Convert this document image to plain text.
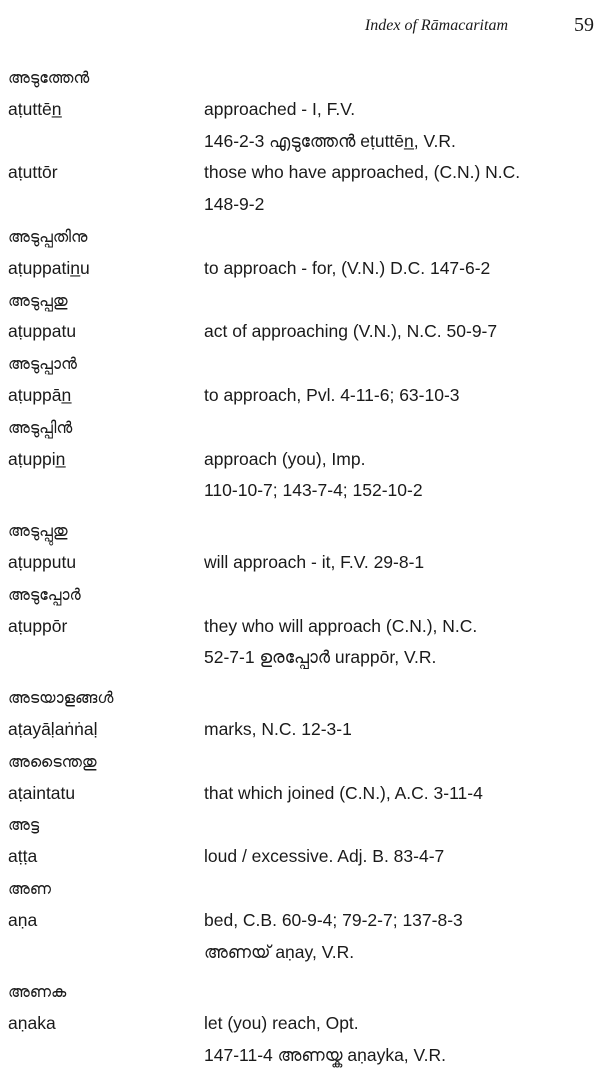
Index of Rāmacaritam	59
അടുത്തേൻ
aṭuttēn̲	approached - I, F.V.
146-2-3 എടുത്തേൻ eṭuttēn̲, V.R.
aṭuttōr	those who have approached, (C.N.) N.C.
148-9-2
അടുപ്പതിനു
aṭuppatin̲u	to approach - for, (V.N.) D.C. 147-6-2
അടുപ്പതു
aṭuppatu	act of approaching (V.N.), N.C. 50-9-7
അടുപ്പാൻ
aṭuppān̲	to approach, Pvl. 4-11-6; 63-10-3
അടുപ്പിൻ
aṭuppin̲	approach (you), Imp.
110-10-7; 143-7-4; 152-10-2
അടുപ്പുതു
aṭupputu	will approach - it, F.V. 29-8-1
അടുപ്പോർ
aṭuppōr	they who will approach (C.N.), N.C.
52-7-1 ഉരപ്പോർ urappōr, V.R.
അടയാളങ്ങൾ
aṭayāḷaṅṅaḷ	marks, N.C. 12-3-1
അടൈന്തതു
aṭaintatu	that which joined (C.N.), A.C. 3-11-4
അട്ട
aṭṭa	loud / excessive. Adj. B. 83-4-7
അണ
aṇa	bed, C.B. 60-9-4; 79-2-7; 137-8-3
അണയ് aṇay, V.R.
അണക
aṇaka	let (you) reach, Opt.
147-11-4 അണയ്ക aṇayka, V.R.
